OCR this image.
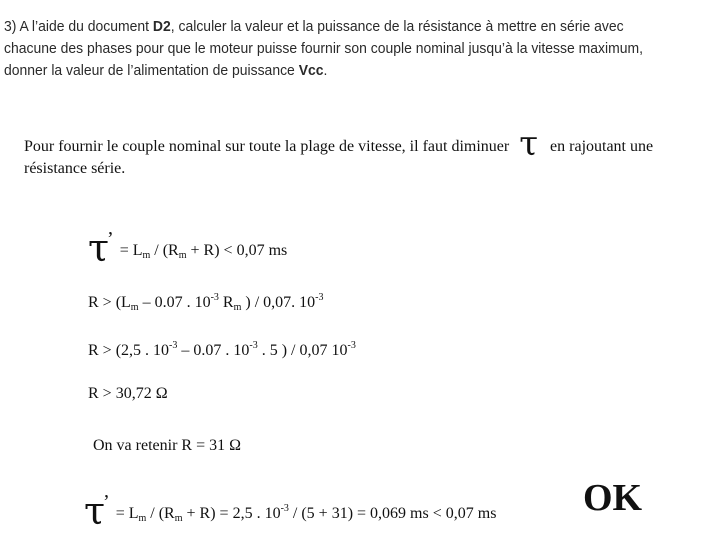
3) A l’aide du document D2, calculer la valeur et la puissance de la résistance à mettre en série avec chacune des phases pour que le moteur puisse fournir son couple nominal jusqu’à la vitesse maximum, donner la valeur de l’alimentation de puissance Vcc.
Pour fournir le couple nominal sur toute la plage de vitesse, il faut diminuer τ en rajoutant une résistance série.
τ’ = $L_m / (R_m + R) < 0,07$ ms
$R > (L_m - 0.07$ . $10^{-3}$ $R_m$ ) / 0,07. $10^{-3}$
R > (2,5 . $10^{-3} - 0.07$ . $10^{-3}$ . 5 ) / 0,07 $10^{-3}$
R > 30,72 Ω
On va retenir R = 31 Ω
τ’ = $L_m / (R_m + R) = 2,5$ . $10^{-3} / (5 + 31) = 0,069$ ms < 0,07 ms OK
